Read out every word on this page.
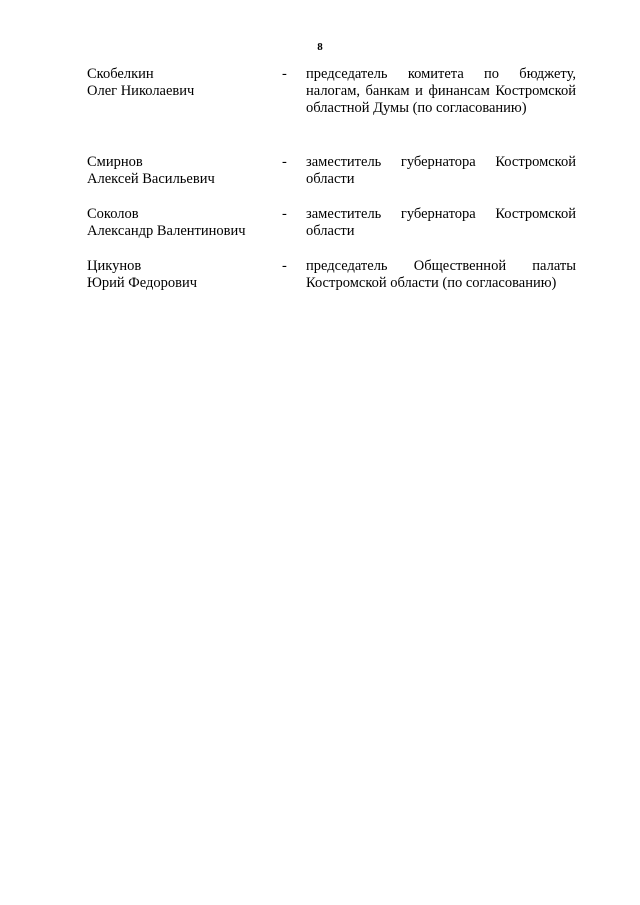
8
Скобелкин
Олег Николаевич
-	председатель комитета по бюджету, налогам, банкам и финансам Костромской областной Думы (по согласованию)
Смирнов
Алексей Васильевич
-	заместитель губернатора Костромской области
Соколов
Александр Валентинович
-	заместитель губернатора Костромской области
Цикунов
Юрий Федорович
-	председатель Общественной палаты Костромской области (по согласованию)
